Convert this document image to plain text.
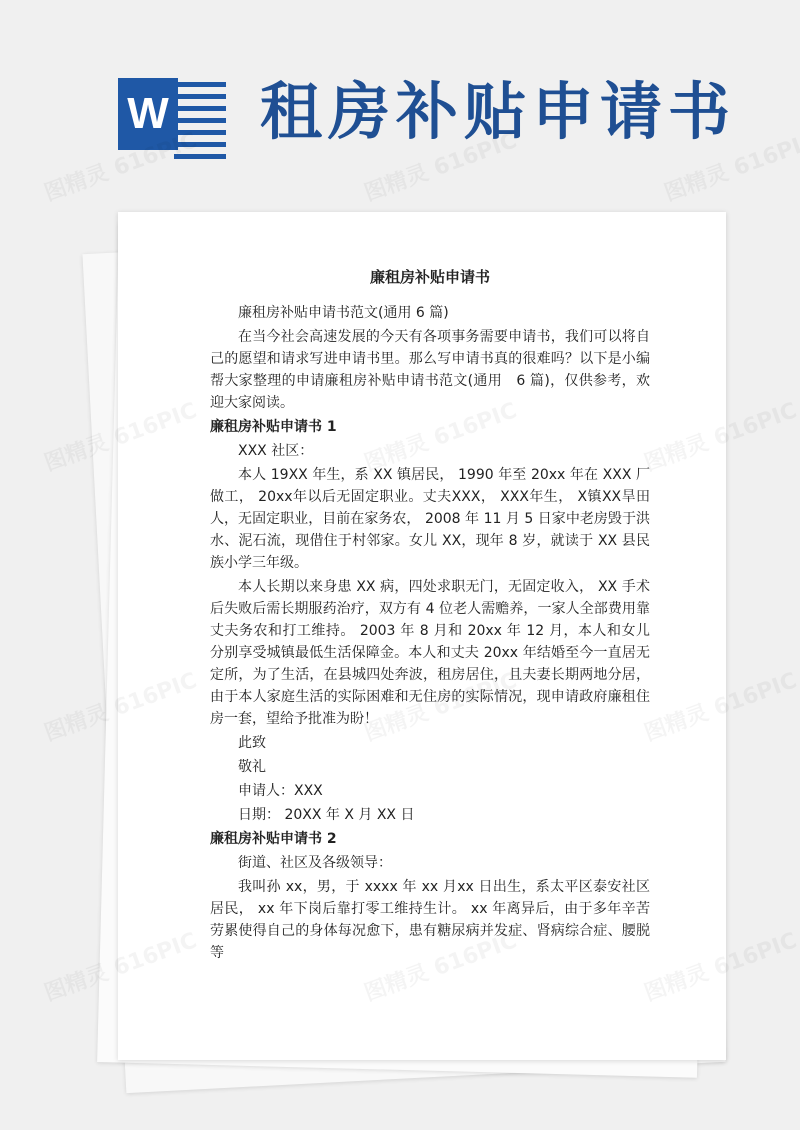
W 租房补贴申请书
廉租房补贴申请书

廉租房补贴申请书范文(通用 6 篇)

在当今社会高速发展的今天有各项事务需要申请书，我们可以将自己的愿望和请求写进申请书里。那么写申请书真的很难吗？以下是小编帮大家整理的申请廉租房补贴申请书范文(通用　6 篇)，仅供参考，欢迎大家阅读。

廉租房补贴申请书 1

XXX 社区：

本人 19XX 年生，系 XX 镇居民， 1990 年至 20xx 年在 XXX 厂做工， 20xx年以后无固定职业。丈夫XXX， XXX年生， X镇XX旱田人，无固定职业，目前在家务农， 2008 年 11 月 5 日家中老房毁于洪水、泥石流，现借住于村邻家。女儿 XX，现年 8 岁，就读于 XX 县民族小学三年级。

本人长期以来身患 XX 病，四处求职无门，无固定收入， XX 手术后失败后需长期服药治疗，双方有 4 位老人需赡养，一家人全部费用靠丈夫务农和打工维持。 2003 年 8 月和 20xx 年 12 月，本人和女儿分别享受城镇最低生活保障金。本人和丈夫 20xx 年结婚至今一直居无定所，为了生活，在县城四处奔波，租房居住，且夫妻长期两地分居，由于本人家庭生活的实际困难和无住房的实际情况，现申请政府廉租住房一套，望给予批准为盼！

此致

敬礼

申请人：XXX

日期： 20XX 年 X 月 XX 日

廉租房补贴申请书 2

街道、社区及各级领导：

我叫孙 xx，男，于 xxxx 年 xx 月xx 日出生，系太平区泰安社区居民， xx 年下岗后靠打零工维持生计。 xx 年离异后，由于多年辛苦劳累使得自己的身体每况愈下，患有糖尿病并发症、肾病综合症、腰脱等
